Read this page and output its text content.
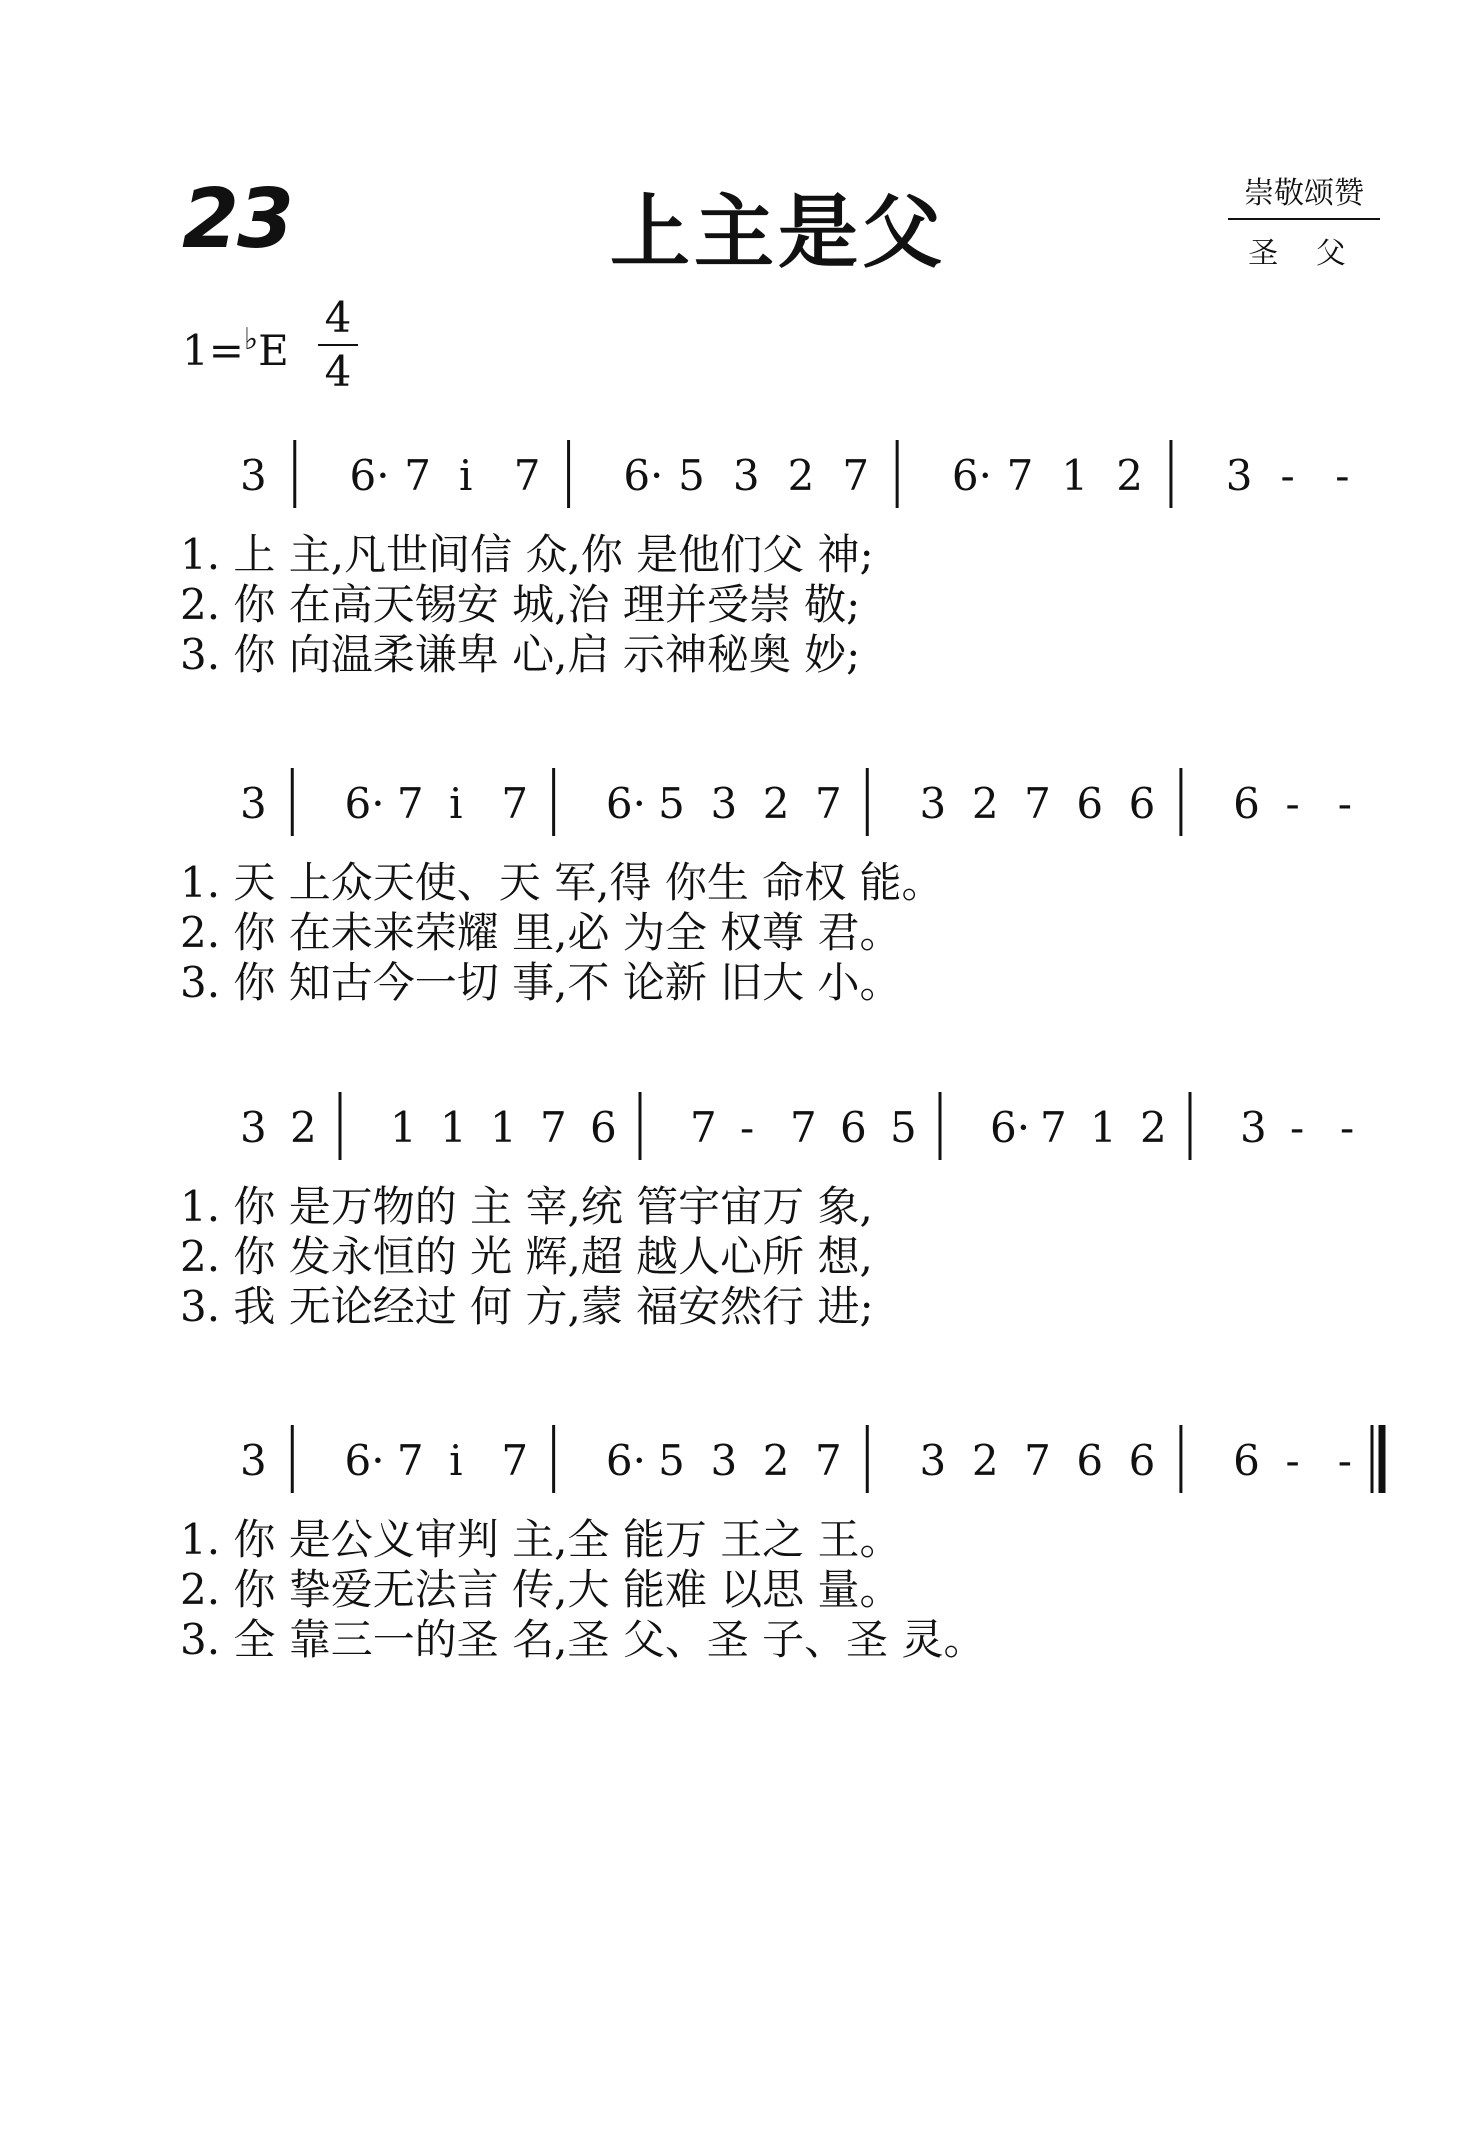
23	上主是父	崇敬颂赞
圣 父
1=♭E
4
4
3 6· 7 i 7 6· 5 3 2 7 6· 7 1 2 3 - -
1. 上 主,凡世间信 众,你 是他们父 神;
2. 你 在高天锡安 城,治 理并受崇 敬;
3. 你 向温柔谦卑 心,启 示神秘奥 妙;
3 6· 7 i 7 6· 5 3 2 7 3 2 7 6 6 6 - -
1. 天 上众天使、天 军,得 你生 命权 能。
2. 你 在未来荣耀 里,必 为全 权尊 君。
3. 你 知古今一切 事,不 论新 旧大 小。
3 2 1 1 1 7 6 7 - 7 6 5 6· 7 1 2 3 - -
1. 你 是万物的 主 宰,统 管宇宙万 象,
2. 你 发永恒的 光 辉,超 越人心所 想,
3. 我 无论经过 何 方,蒙 福安然行 进;
3 6· 7 i 7 6· 5 3 2 7 3 2 7 6 6 6 - -
1. 你 是公义审判 主,全 能万 王之 王。
2. 你 挚爱无法言 传,大 能难 以思 量。
3. 全 靠三一的圣 名,圣 父、圣 子、圣 灵。
